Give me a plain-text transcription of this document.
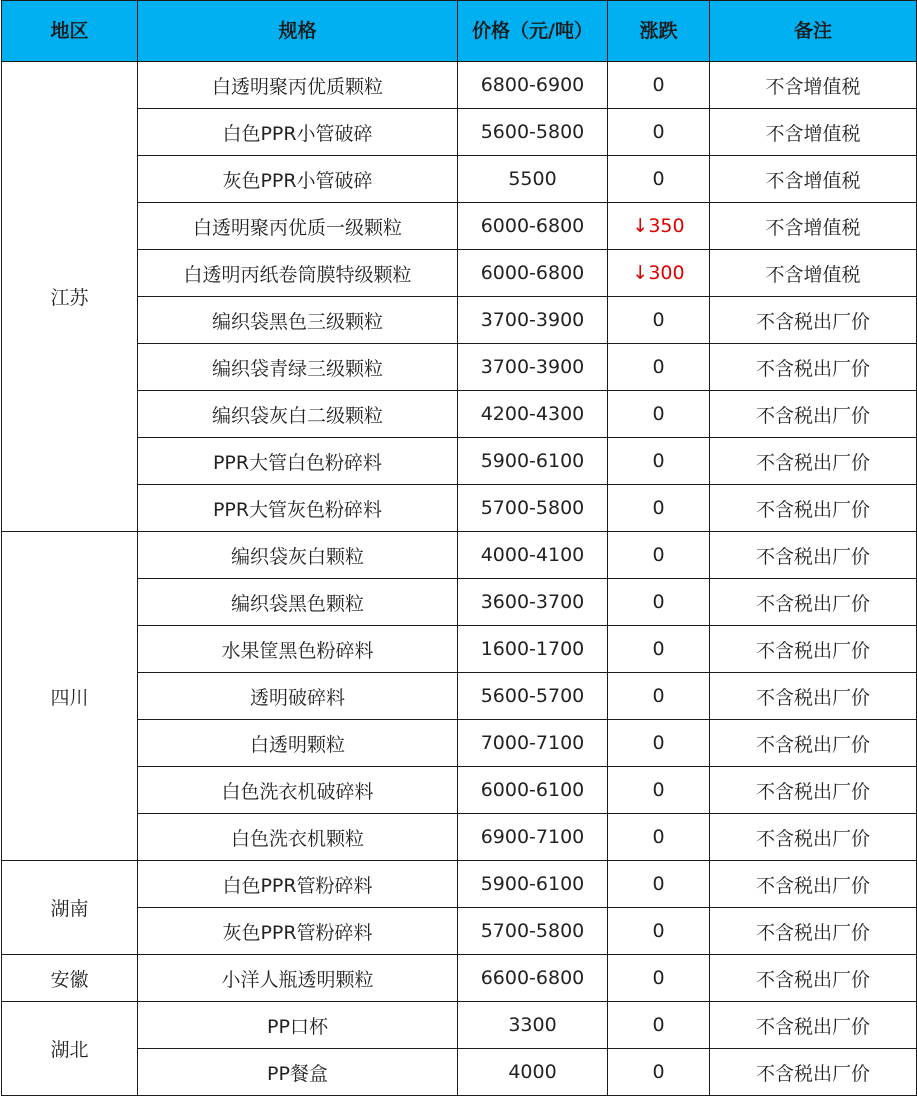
地区	规格	价格（元/吨）	涨跌	备注
江苏	白透明聚丙优质颗粒	6800-6900	0	不含增值税
	白色PPR小管破碎	5600-5800	0	不含增值税
	灰色PPR小管破碎	5500	0	不含增值税
	白透明聚丙优质一级颗粒	6000-6800	↓350	不含增值税
	白透明丙纸卷筒膜特级颗粒	6000-6800	↓300	不含增值税
	编织袋黑色三级颗粒	3700-3900	0	不含税出厂价
	编织袋青绿三级颗粒	3700-3900	0	不含税出厂价
	编织袋灰白二级颗粒	4200-4300	0	不含税出厂价
	PPR大管白色粉碎料	5900-6100	0	不含税出厂价
	PPR大管灰色粉碎料	5700-5800	0	不含税出厂价
四川	编织袋灰白颗粒	4000-4100	0	不含税出厂价
	编织袋黑色颗粒	3600-3700	0	不含税出厂价
	水果筐黑色粉碎料	1600-1700	0	不含税出厂价
	透明破碎料	5600-5700	0	不含税出厂价
	白透明颗粒	7000-7100	0	不含税出厂价
	白色洗衣机破碎料	6000-6100	0	不含税出厂价
	白色洗衣机颗粒	6900-7100	0	不含税出厂价
湖南	白色PPR管粉碎料	5900-6100	0	不含税出厂价
	灰色PPR管粉碎料	5700-5800	0	不含税出厂价
安徽	小洋人瓶透明颗粒	6600-6800	0	不含税出厂价
湖北	PP口杯	3300	0	不含税出厂价
	PP餐盒	4000	0	不含税出厂价
